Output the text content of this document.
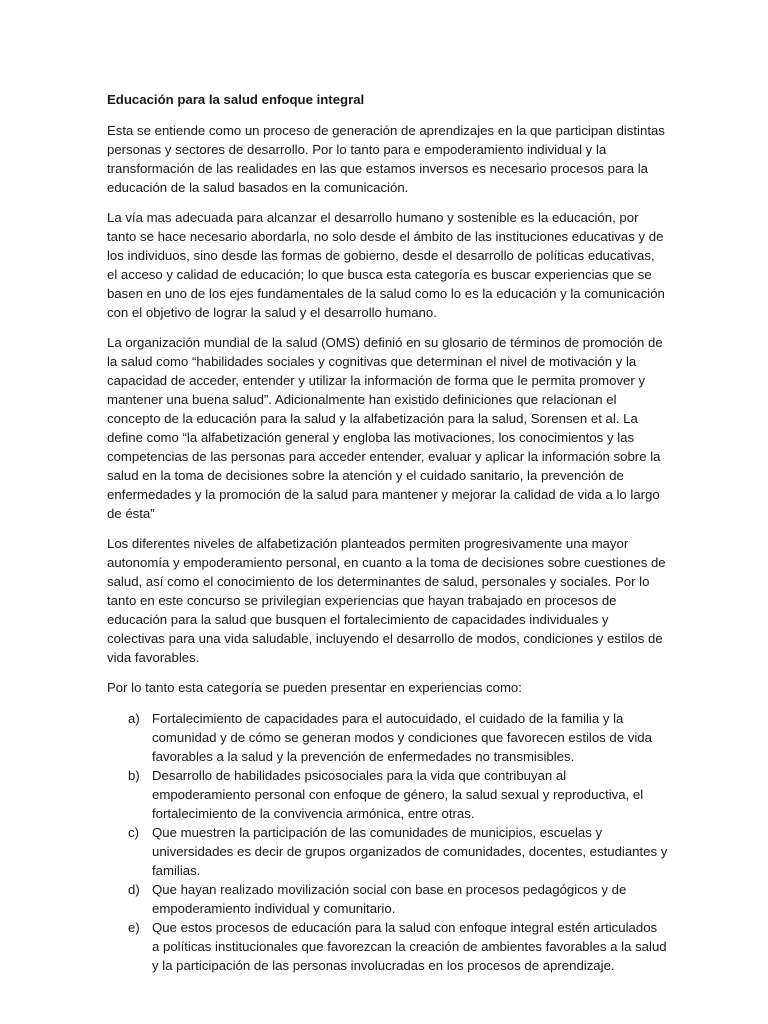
Educación para la salud enfoque integral

Esta se entiende como un proceso de generación de aprendizajes en la que participan distintas personas y sectores de desarrollo. Por lo tanto para e empoderamiento individual y la transformación de las realidades en las que estamos inversos es necesario procesos para la educación de la salud basados en la comunicación.

La vía mas adecuada para alcanzar el desarrollo humano y sostenible es la educación, por tanto se hace necesario abordarla, no solo desde el ámbito de las instituciones educativas y de los individuos, sino desde las formas de gobierno, desde el desarrollo de políticas educativas, el acceso y calidad de educación; lo que busca esta categoría es buscar experiencias que se basen en uno de los ejes fundamentales de la salud como lo es la educación y la comunicación con el objetivo de lograr la salud y el desarrollo humano.

La organización mundial de la salud (OMS) definió en su glosario de términos de promoción de la salud como “habilidades sociales y cognitivas que determinan el nivel de motivación y la capacidad de acceder, entender y utilizar la información de forma que le permita promover y mantener una buena salud”. Adicionalmente han existido definiciones que relacionan el concepto de la educación para la salud y la alfabetización para la salud, Sorensen et al. La define como “la alfabetización general y engloba las motivaciones, los conocimientos y las competencias de las personas para acceder entender, evaluar y aplicar la información sobre la salud en la toma de decisiones sobre la atención y el cuidado sanitario, la prevención de enfermedades y la promoción de la salud para mantener y mejorar la calidad de vida a lo largo de ésta”

Los diferentes niveles de alfabetización planteados permiten progresivamente una mayor autonomía y empoderamiento personal, en cuanto a la toma de decisiones sobre cuestiones de salud, así como el conocimiento de los determinantes de salud, personales y sociales. Por lo tanto en este concurso se privilegian experiencias que hayan trabajado en procesos de educación para la salud que busquen el fortalecimiento de capacidades individuales y colectivas para una vida saludable, incluyendo el desarrollo de modos, condiciones y estilos de vida favorables.

Por lo tanto esta categoría se pueden presentar en experiencias como:

a) Fortalecimiento de capacidades para el autocuidado, el cuidado de la familia y la comunidad y de cómo se generan modos y condiciones que favorecen estilos de vida favorables a la salud y la prevención de enfermedades no transmisibles.
b) Desarrollo de habilidades psicosociales para la vida que contribuyan al empoderamiento personal con enfoque de género, la salud sexual y reproductiva, el fortalecimiento de la convivencia armónica, entre otras.
c) Que muestren la participación de las comunidades de municipios, escuelas y universidades es decir de grupos organizados de comunidades, docentes, estudiantes y familias.
d) Que hayan realizado movilización social con base en procesos pedagógicos y de empoderamiento individual y comunitario.
e) Que estos procesos de educación para la salud con enfoque integral estén articulados a políticas institucionales que favorezcan la creación de ambientes favorables a la salud y la participación de las personas involucradas en los procesos de aprendizaje.
